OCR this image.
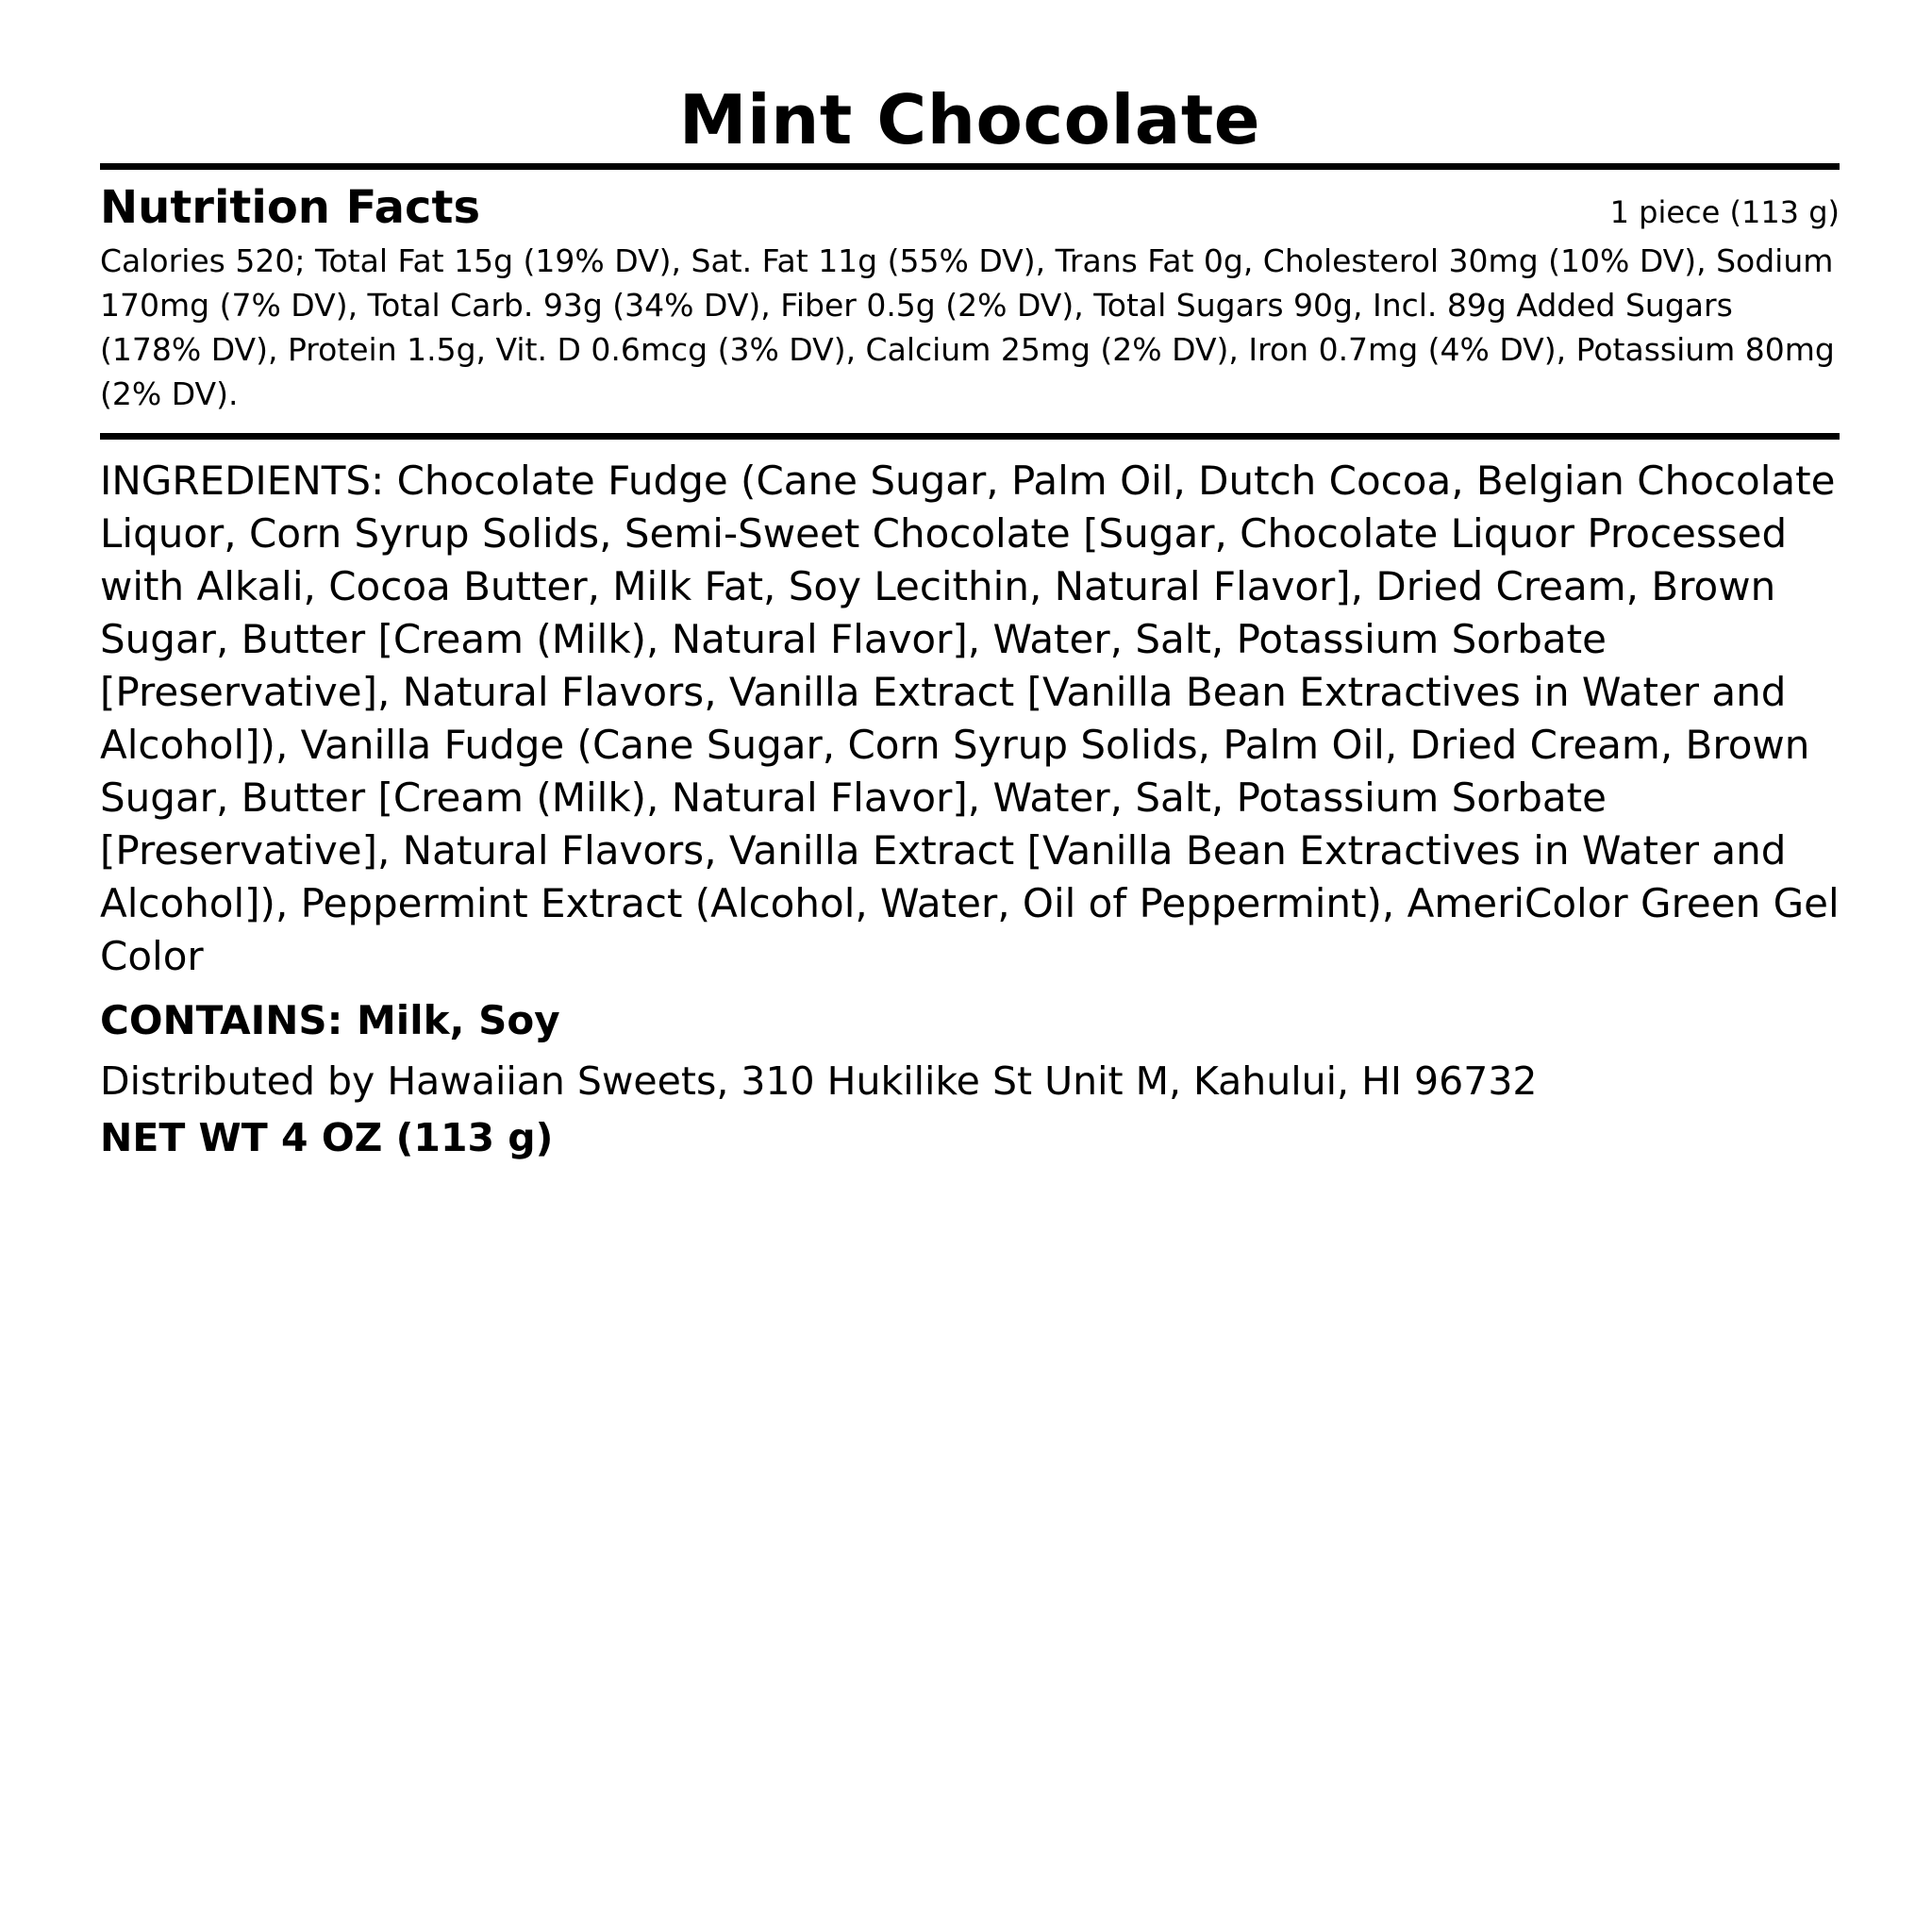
Mint Chocolate
Nutrition Facts	1 piece (113 g)

Calories 520; Total Fat 15g (19% DV), Sat. Fat 11g (55% DV), Trans Fat 0g, Cholesterol 30mg (10% DV), Sodium 170mg (7% DV), Total Carb. 93g (34% DV), Fiber 0.5g (2% DV), Total Sugars 90g, Incl. 89g Added Sugars (178% DV), Protein 1.5g, Vit. D 0.6mcg (3% DV), Calcium 25mg (2% DV), Iron 0.7mg (4% DV), Potassium 80mg (2% DV).

INGREDIENTS: Chocolate Fudge (Cane Sugar, Palm Oil, Dutch Cocoa, Belgian Chocolate Liquor, Corn Syrup Solids, Semi-Sweet Chocolate [Sugar, Chocolate Liquor Processed with Alkali, Cocoa Butter, Milk Fat, Soy Lecithin, Natural Flavor], Dried Cream, Brown Sugar, Butter [Cream (Milk), Natural Flavor], Water, Salt, Potassium Sorbate [Preservative], Natural Flavors, Vanilla Extract [Vanilla Bean Extractives in Water and Alcohol]), Vanilla Fudge (Cane Sugar, Corn Syrup Solids, Palm Oil, Dried Cream, Brown Sugar, Butter [Cream (Milk), Natural Flavor], Water, Salt, Potassium Sorbate [Preservative], Natural Flavors, Vanilla Extract [Vanilla Bean Extractives in Water and Alcohol]), Peppermint Extract (Alcohol, Water, Oil of Peppermint), AmeriColor Green Gel Color

CONTAINS: Milk, Soy

Distributed by Hawaiian Sweets, 310 Hukilike St Unit M, Kahului, HI 96732

NET WT 4 OZ (113 g)
